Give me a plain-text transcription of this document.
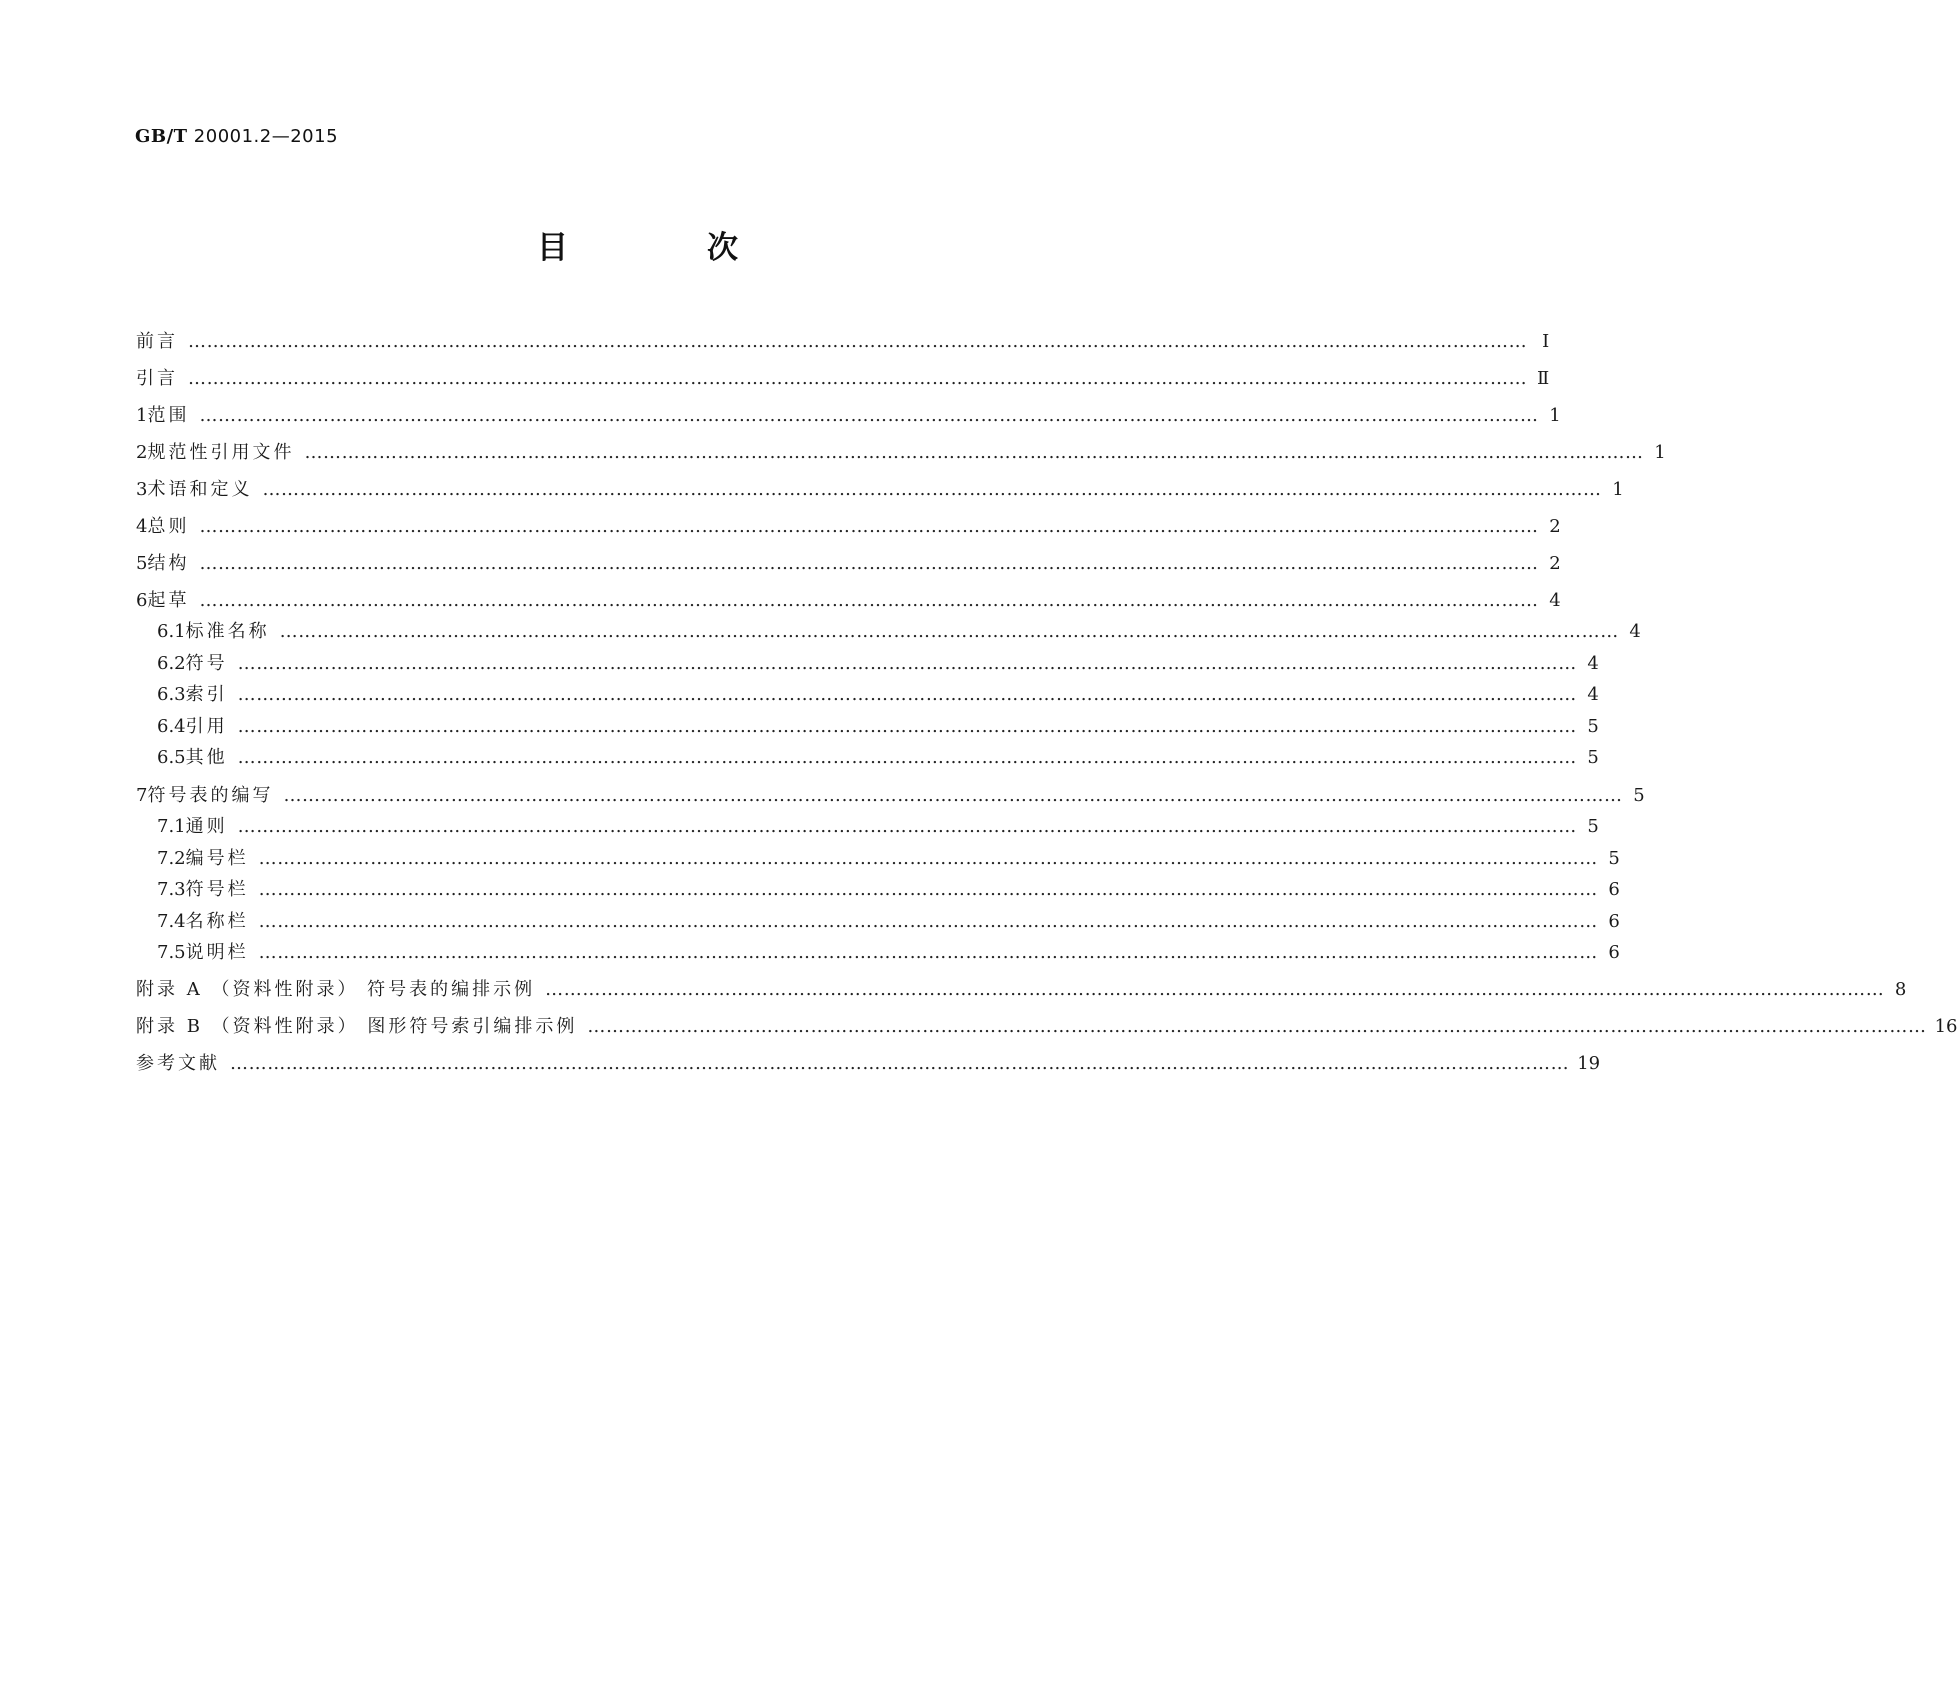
GB/T 20001.2—2015
目　次
前言 ……………………………………………………………………………………………………………………………………………………………………………………………… Ⅰ
引言 ……………………………………………………………………………………………………………………………………………………………………………………………… Ⅱ
1 范围 ……………………………………………………………………………………………………………………………………………………………………………………………… 1
2 规范性引用文件 ……………………………………………………………………………………………………………………………………………………………………………………………… 1
3 术语和定义 ……………………………………………………………………………………………………………………………………………………………………………………………… 1
4 总则 ……………………………………………………………………………………………………………………………………………………………………………………………… 2
5 结构 ……………………………………………………………………………………………………………………………………………………………………………………………… 2
6 起草 ……………………………………………………………………………………………………………………………………………………………………………………………… 4
6.1 标准名称 ……………………………………………………………………………………………………………………………………………………………………………………………… 4
6.2 符号 ……………………………………………………………………………………………………………………………………………………………………………………………… 4
6.3 索引 ……………………………………………………………………………………………………………………………………………………………………………………………… 4
6.4 引用 ……………………………………………………………………………………………………………………………………………………………………………………………… 5
6.5 其他 ……………………………………………………………………………………………………………………………………………………………………………………………… 5
7 符号表的编写 ……………………………………………………………………………………………………………………………………………………………………………………………… 5
7.1 通则 ……………………………………………………………………………………………………………………………………………………………………………………………… 5
7.2 编号栏 ……………………………………………………………………………………………………………………………………………………………………………………………… 5
7.3 符号栏 ……………………………………………………………………………………………………………………………………………………………………………………………… 6
7.4 名称栏 ……………………………………………………………………………………………………………………………………………………………………………………………… 6
7.5 说明栏 ……………………………………………………………………………………………………………………………………………………………………………………………… 6
附录 A （资料性附录） 符号表的编排示例 ……………………………………………………………………………………………………………………………………………………………………………………………… 8
附录 B （资料性附录） 图形符号索引编排示例 ……………………………………………………………………………………………………………………………………………………………………………………………… 16
参考文献 ……………………………………………………………………………………………………………………………………………………………………………………………… 19
